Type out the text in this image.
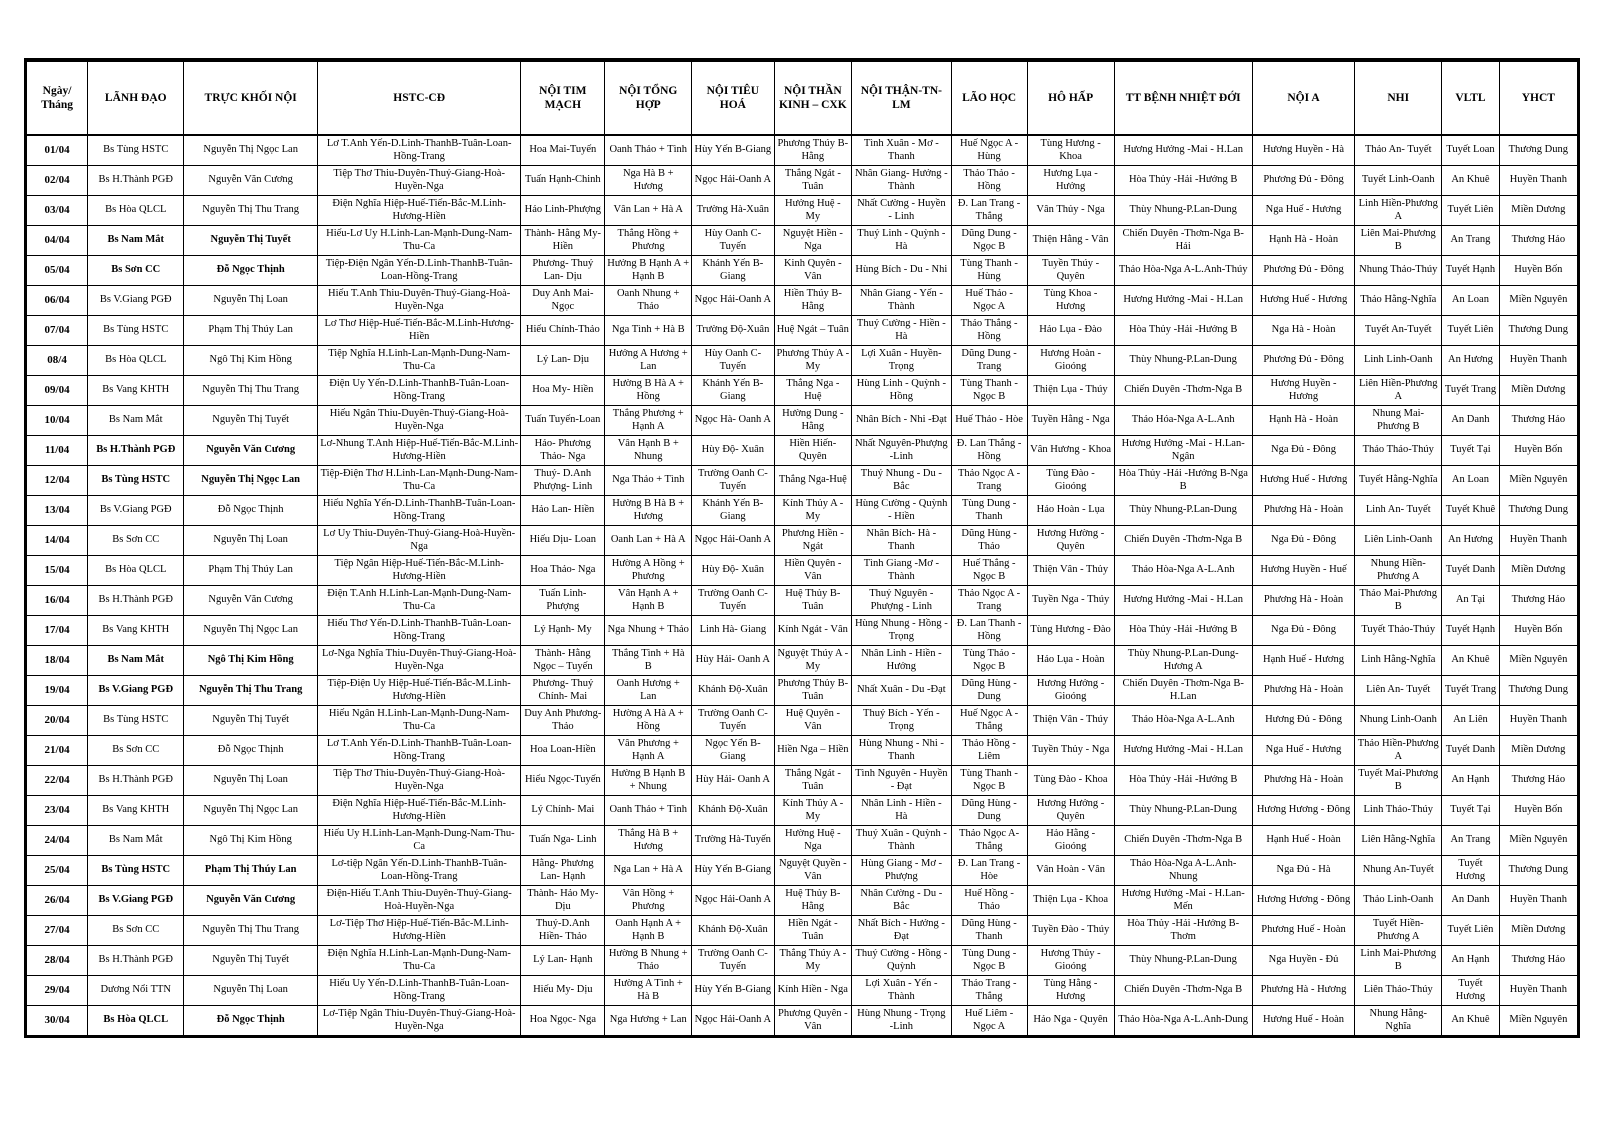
Ngày/ Tháng	LÃNH ĐẠO	TRỰC KHỐI NỘI	HSTC-CĐ	NỘI TIM MẠCH	NỘI TỔNG HỢP	NỘI TIÊU HOÁ	NỘI THẦN KINH – CXK	NỘI THẬN-TN-LM	LÃO HỌC	HÔ HẤP	TT BỆNH NHIỆT ĐỚI	NỘI A	NHI	VLTL	YHCT
01/04	Bs Tùng HSTC	Nguyễn Thị Ngọc Lan	Lơ T.Anh Yến-D.Linh-ThanhB-Tuân-Loan-Hồng-Trang	Hoa Mai-Tuyến	Oanh Thảo + Tình	Hùy Yến B-Giang	Phương Thúy B- Hằng	Tình Xuân - Mơ - Thanh	Huế Ngọc A - Hùng	Tùng Hương - Khoa	Hương Hưởng -Mai - H.Lan	Hương Huyền - Hà	Thảo An- Tuyết	Tuyết Loan	Thương Dung
02/04	Bs H.Thành PGĐ	Nguyễn Văn Cương	Tiệp Thơ Thiu-Duyên-Thuý-Giang-Hoà-Huyền-Nga	Tuấn Hạnh-Chinh	Nga Hà B + Hương	Ngọc Hải-Oanh A	Thắng Ngát - Tuân	Nhân Giang- Hưởng -Thành	Thảo Thảo - Hồng	Hương Lụa - Hưởng	Hòa Thủy -Hải -Hưởng B	Phương Đủ - Đông	Tuyết Linh-Oanh	An Khuê	Huyền Thanh
03/04	Bs Hòa QLCL	Nguyễn Thị Thu Trang	Điện Nghĩa Hiệp-Huế-Tiến-Bắc-M.Linh-Hương-Hiền	Hảo Linh-Phượng	Vân Lan + Hà A	Trường Hà-Xuân	Hưởng Huệ - My	Nhất Cường - Huyền - Linh	Đ. Lan Trang - Thắng	Vân Thủy - Nga	Thùy Nhung-P.Lan-Dung	Nga Huế - Hương	Linh Hiền-Phương A	Tuyết Liên	Miền Dương
04/04	Bs Nam Mắt	Nguyễn Thị Tuyết	Hiếu-Lơ Uy H.Linh-Lan-Mạnh-Dung-Nam-Thu-Ca	Thành- Hằng My- Hiền	Thắng Hồng + Phương	Hùy Oanh C-Tuyến	Nguyệt Hiền - Nga	Thuý Linh - Quỳnh -Hà	Dũng Dung - Ngọc B	Thiện Hằng - Vân	Chiến Duyên -Thơm-Nga B-Hải	Hạnh Hà - Hoàn	Liên Mai-Phương B	An Trang	Thương Hảo
05/04	Bs Sơn CC	Đỗ Ngọc Thịnh	Tiệp-Điện Ngân Yến-D.Linh-ThanhB-Tuân-Loan-Hồng-Trang	Phương- Thuý Lan- Dịu	Hưởng B Hạnh A + Hạnh B	Khánh Yến B-Giang	Kinh Quyên - Vân	Hùng Bích - Du - Nhi	Tùng Thanh - Hùng	Tuyền Thúy - Quyên	Thảo Hòa-Nga A-L.Anh-Thúy	Phương Đủ - Đông	Nhung Thảo-Thúy	Tuyết Hạnh	Huyền Bốn
06/04	Bs V.Giang PGĐ	Nguyễn Thị Loan	Hiếu T.Anh Thiu-Duyên-Thuý-Giang-Hoà-Huyền-Nga	Duy Anh Mai-Ngọc	Oanh Nhung + Thảo	Ngọc Hải-Oanh A	Hiền Thúy B-Hằng	Nhân Giang - Yến - Thành	Huế Thảo - Ngọc A	Tùng Khoa - Hương	Hương Hưởng -Mai - H.Lan	Hương Huế - Hương	Thảo Hằng-Nghĩa	An Loan	Miền Nguyên
07/04	Bs Tùng HSTC	Phạm Thị Thúy Lan	Lơ Thơ Hiệp-Huế-Tiến-Bắc-M.Linh-Hương-Hiền	Hiếu Chính-Thảo	Nga Tình + Hà B	Trường Độ-Xuân	Huệ Ngát – Tuân	Thuý Cường - Hiền -Hà	Thảo Thắng - Hồng	Hảo Lụa - Đào	Hòa Thủy -Hải -Hưởng B	Nga Hà - Hoàn	Tuyết An-Tuyết	Tuyết Liên	Thương Dung
08/4	Bs Hòa QLCL	Ngô Thị Kim Hồng	Tiệp Nghĩa H.Linh-Lan-Mạnh-Dung-Nam-Thu-Ca	Lý Lan- Dịu	Hưởng A Hương + Lan	Hùy Oanh C-Tuyến	Phương Thủy A - My	Lợi Xuân - Huyền- Trọng	Dũng Dung - Trang	Hương Hoàn - Gioóng	Thùy Nhung-P.Lan-Dung	Phương Đủ - Đông	Linh Linh-Oanh	An Hương	Huyền Thanh
09/04	Bs Vang KHTH	Nguyễn Thị Thu Trang	Điện Uy Yến-D.Linh-ThanhB-Tuân-Loan-Hồng-Trang	Hoa My- Hiền	Hường B Hà A + Hồng	Khánh Yến B-Giang	Thắng Nga - Huệ	Hùng Linh - Quỳnh -Hồng	Tùng Thanh - Ngọc B	Thiện Lụa - Thúy	Chiến Duyên -Thơm-Nga B	Hương Huyền - Hương	Liên Hiền-Phương A	Tuyết Trang	Miền Dương
10/04	Bs Nam Mắt	Nguyễn Thị Tuyết	Hiếu Ngân Thiu-Duyên-Thuý-Giang-Hoà-Huyền-Nga	Tuấn Tuyến-Loan	Thắng Phương + Hạnh A	Ngọc Hà- Oanh A	Hường Dung - Hằng	Nhân Bích - Nhi -Đạt	Huế Thảo - Hòe	Tuyền Hằng - Nga	Thảo Hóa-Nga A-L.Anh	Hạnh Hà - Hoàn	Nhung Mai-Phương B	An Danh	Thương Hảo
11/04	Bs H.Thành PGĐ	Nguyễn Văn Cương	Lơ-Nhung T.Anh Hiệp-Huế-Tiến-Bắc-M.Linh-Hương-Hiền	Hảo- Phương Thảo- Nga	Vân Hạnh B + Nhung	Hùy Độ- Xuân	Hiền Hiến-Quyên	Nhất Nguyên-Phượng -Linh	Đ. Lan Thắng - Hồng	Vân Hương - Khoa	Hương Hưởng -Mai - H.Lan-Ngân	Nga Đủ - Đông	Thảo Thảo-Thúy	Tuyết Tại	Huyền Bốn
12/04	Bs Tùng HSTC	Nguyễn Thị Ngọc Lan	Tiệp-Điện Thơ H.Linh-Lan-Mạnh-Dung-Nam-Thu-Ca	Thuý- D.Anh Phượng- Linh	Nga Thảo + Tình	Trường Oanh C- Tuyến	Thắng Nga-Huệ	Thuý Nhung - Du -Bắc	Thảo Ngọc A - Trang	Tùng Đào - Gioóng	Hòa Thủy -Hải -Hưởng B-Nga B	Hương Huế - Hương	Tuyết Hằng-Nghĩa	An Loan	Miền Nguyên
13/04	Bs V.Giang PGĐ	Đỗ Ngọc Thịnh	Hiếu Nghĩa Yến-D.Linh-ThanhB-Tuân-Loan-Hồng-Trang	Hảo Lan- Hiền	Hường B Hà B + Hương	Khánh Yến B-Giang	Kính Thủy A - My	Hùng Cường - Quỳnh - Hiền	Tùng Dung - Thanh	Hảo Hoàn - Lụa	Thùy Nhung-P.Lan-Dung	Phương Hà - Hoàn	Linh An- Tuyết	Tuyết Khuê	Thương Dung
14/04	Bs Sơn CC	Nguyễn Thị Loan	Lơ Uy Thiu-Duyên-Thuý-Giang-Hoà-Huyền-Nga	Hiếu Dịu- Loan	Oanh Lan + Hà A	Ngọc Hải-Oanh A	Phương Hiền - Ngát	Nhân Bích- Hà - Thanh	Dũng Hùng - Thảo	Hương Hường - Quyên	Chiến Duyên -Thơm-Nga B	Nga Đủ - Đông	Liên Linh-Oanh	An Hương	Huyền Thanh
15/04	Bs Hòa QLCL	Phạm Thị Thúy Lan	Tiệp Ngân Hiệp-Huế-Tiến-Bắc-M.Linh-Hương-Hiền	Hoa Thảo- Nga	Hường A Hồng + Phương	Hùy Độ- Xuân	Hiền Quyên - Vân	Tình Giang -Mơ -Thành	Huế Thắng - Ngọc B	Thiện Vân - Thủy	Thảo Hòa-Nga A-L.Anh	Hương Huyền - Huế	Nhung Hiền-Phương A	Tuyết Danh	Miền Dương
16/04	Bs H.Thành PGĐ	Nguyễn Văn Cương	Điện T.Anh H.Linh-Lan-Mạnh-Dung-Nam-Thu-Ca	Tuấn Linh-Phượng	Vân Hạnh A + Hạnh B	Trường Oanh C- Tuyến	Huệ Thủy B-Tuân	Thuý Nguyên - Phượng - Linh	Thảo Ngọc A - Trang	Tuyền Nga - Thúy	Hương Hưởng -Mai - H.Lan	Phương Hà - Hoàn	Thảo Mai-Phương B	An Tại	Thương Hảo
17/04	Bs Vang KHTH	Nguyễn Thị Ngọc Lan	Hiếu Thơ Yến-D.Linh-ThanhB-Tuân-Loan-Hồng-Trang	Lý Hạnh- My	Nga Nhung + Thảo	Linh Hà- Giang	Kính Ngát - Vân	Hùng Nhung - Hồng - Trọng	Đ. Lan Thanh - Hồng	Tùng Hương - Đào	Hòa Thủy -Hải -Hưởng B	Nga Đủ - Đông	Tuyết Thảo-Thúy	Tuyết Hạnh	Huyền Bốn
18/04	Bs Nam Mắt	Ngô Thị Kim Hồng	Lơ-Nga Nghĩa Thiu-Duyên-Thuý-Giang-Hoà-Huyền-Nga	Thành- Hằng Ngọc – Tuyến	Thắng Tình + Hà B	Hùy Hải- Oanh A	Nguyệt Thúy A - My	Nhân Linh - Hiền - Hưởng	Tùng Thảo - Ngọc B	Hảo Lụa - Hoàn	Thùy Nhung-P.Lan-Dung-Hương A	Hạnh Huế - Hương	Linh Hằng-Nghĩa	An Khuê	Miền Nguyên
19/04	Bs V.Giang PGĐ	Nguyễn Thị Thu Trang	Tiệp-Điện Uy Hiệp-Huế-Tiến-Bắc-M.Linh-Hương-Hiền	Phương- Thuý Chính- Mai	Oanh Hương + Lan	Khánh Độ-Xuân	Phương Thủy B-Tuân	Nhất Xuân - Du -Đạt	Dũng Hùng - Dung	Hương Hưởng - Gioóng	Chiến Duyên -Thơm-Nga B-H.Lan	Phương Hà - Hoàn	Liên An- Tuyết	Tuyết Trang	Thương Dung
20/04	Bs Tùng HSTC	Nguyễn Thị Tuyết	Hiếu Ngân H.Linh-Lan-Mạnh-Dung-Nam-Thu-Ca	Duy Anh Phương- Thảo	Hường A Hà A + Hồng	Trường Oanh C- Tuyến	Huệ Quyên - Vân	Thuý Bích - Yến -Trọng	Huế Ngọc A - Thắng	Thiện Vân - Thúy	Thảo Hòa-Nga A-L.Anh	Hương Đủ - Đông	Nhung Linh-Oanh	An Liên	Huyền Thanh
21/04	Bs Sơn CC	Đỗ Ngọc Thịnh	Lơ T.Anh Yến-D.Linh-ThanhB-Tuân-Loan-Hồng-Trang	Hoa Loan-Hiền	Vân Phương + Hạnh A	Ngọc Yến B-Giang	Hiền Nga – Hiền	Hùng Nhung - Nhi -Thanh	Thảo Hồng - Liêm	Tuyền Thủy - Nga	Hương Hưởng -Mai - H.Lan	Nga Huế - Hương	Thảo Hiền-Phương A	Tuyết Danh	Miền Dương
22/04	Bs H.Thành PGĐ	Nguyễn Thị Loan	Tiệp Thơ Thiu-Duyên-Thuý-Giang-Hoà-Huyền-Nga	Hiếu Ngọc-Tuyến	Hường B Hạnh B + Nhung	Hùy Hải- Oanh A	Thắng Ngát - Tuân	Tình Nguyên - Huyền - Đạt	Tùng Thanh - Ngọc B	Tùng Đào - Khoa	Hòa Thủy -Hải -Hưởng B	Phương Hà - Hoàn	Tuyết Mai-Phương B	An Hạnh	Thương Hảo
23/04	Bs Vang KHTH	Nguyễn Thị Ngọc Lan	Điện Nghĩa Hiệp-Huế-Tiến-Bắc-M.Linh-Hương-Hiền	Lý Chính- Mai	Oanh Thảo + Tình	Khánh Độ-Xuân	Kính Thủy A - My	Nhân Linh - Hiền - Hà	Dũng Hùng - Dung	Hương Hưởng - Quyên	Thùy Nhung-P.Lan-Dung	Hương Hương - Đông	Linh Thảo-Thúy	Tuyết Tại	Huyền Bốn
24/04	Bs Nam Mắt	Ngô Thị Kim Hồng	Hiếu Uy H.Linh-Lan-Mạnh-Dung-Nam-Thu-Ca	Tuấn Nga- Linh	Thắng Hà B + Hương	Trường Hà-Tuyến	Hường Huệ - Nga	Thuý Xuân - Quỳnh - Thành	Thảo Ngọc A- Thắng	Hảo Hằng - Gioóng	Chiến Duyên -Thơm-Nga B	Hạnh Huế - Hoàn	Liên Hằng-Nghĩa	An Trang	Miền Nguyên
25/04	Bs Tùng HSTC	Phạm Thị Thúy Lan	Lơ-tiệp Ngân Yến-D.Linh-ThanhB-Tuân-Loan-Hồng-Trang	Hằng- Phương Lan- Hạnh	Nga Lan + Hà A	Hùy Yến B-Giang	Nguyệt Quyền - Vân	Hùng Giang - Mơ - Phượng	Đ. Lan Trang -Hòe	Vân Hoàn - Vân	Thảo Hòa-Nga A-L.Anh-Nhung	Nga Đủ - Hà	Nhung An-Tuyết	Tuyết Hương	Thương Dung
26/04	Bs V.Giang PGĐ	Nguyễn Văn Cương	Điện-Hiếu T.Anh Thiu-Duyên-Thuý-Giang-Hoà-Huyền-Nga	Thành- Hảo My- Dịu	Vân Hồng + Phương	Ngọc Hải-Oanh A	Huệ Thủy B-Hằng	Nhân Cường - Du - Bắc	Huế Hồng - Thảo	Thiện Lụa - Khoa	Hương Hưởng -Mai - H.Lan-Mến	Hương Hương - Đông	Thảo Linh-Oanh	An Danh	Huyền Thanh
27/04	Bs Sơn CC	Nguyễn Thị Thu Trang	Lơ-Tiệp Thơ Hiệp-Huế-Tiến-Bắc-M.Linh-Hương-Hiền	Thuý-D.Anh Hiền- Thảo	Oanh Hạnh A + Hạnh B	Khánh Độ-Xuân	Hiền Ngát - Tuân	Nhất Bích - Hưởng - Đạt	Dũng Hùng - Thanh	Tuyền Đào - Thúy	Hòa Thủy -Hải -Hưởng B-Thơm	Phương Huế - Hoàn	Tuyết Hiền-Phương A	Tuyết Liên	Miền Dương
28/04	Bs H.Thành PGĐ	Nguyễn Thị Tuyết	Điện Nghĩa H.Linh-Lan-Mạnh-Dung-Nam-Thu-Ca	Lý Lan- Hạnh	Hường B Nhung + Thảo	Trường Oanh C- Tuyến	Thắng Thúy A - My	Thuý Cường - Hồng - Quỳnh	Tùng Dung - Ngọc B	Hương Thủy - Gioóng	Thùy Nhung-P.Lan-Dung	Nga Huyền - Đủ	Linh Mai-Phương B	An Hạnh	Thương Hảo
29/04	Dương Nổi TTN	Nguyễn Thị Loan	Hiếu Uy Yến-D.Linh-ThanhB-Tuân-Loan-Hồng-Trang	Hiếu My- Dịu	Hường A Tình + Hà B	Hùy Yến B-Giang	Kính Hiền - Nga	Lợi Xuân - Yến - Thành	Thảo Trang - Thắng	Tùng Hằng - Hương	Chiến Duyên -Thơm-Nga B	Phương Hà - Hương	Liên Thảo-Thúy	Tuyết Hương	Huyền Thanh
30/04	Bs Hòa QLCL	Đỗ Ngọc Thịnh	Lơ-Tiệp Ngân Thiu-Duyên-Thuý-Giang-Hoà-Huyền-Nga	Hoa Ngọc- Nga	Nga Hương + Lan	Ngọc Hải-Oanh A	Phương Quyên - Vân	Hùng Nhung - Trọng -Linh	Huế Liêm - Ngọc A	Hảo Nga - Quyên	Thảo Hòa-Nga A-L.Anh-Dung	Hương Huế - Hoàn	Nhung Hằng-Nghĩa	An Khuê	Miền Nguyên
